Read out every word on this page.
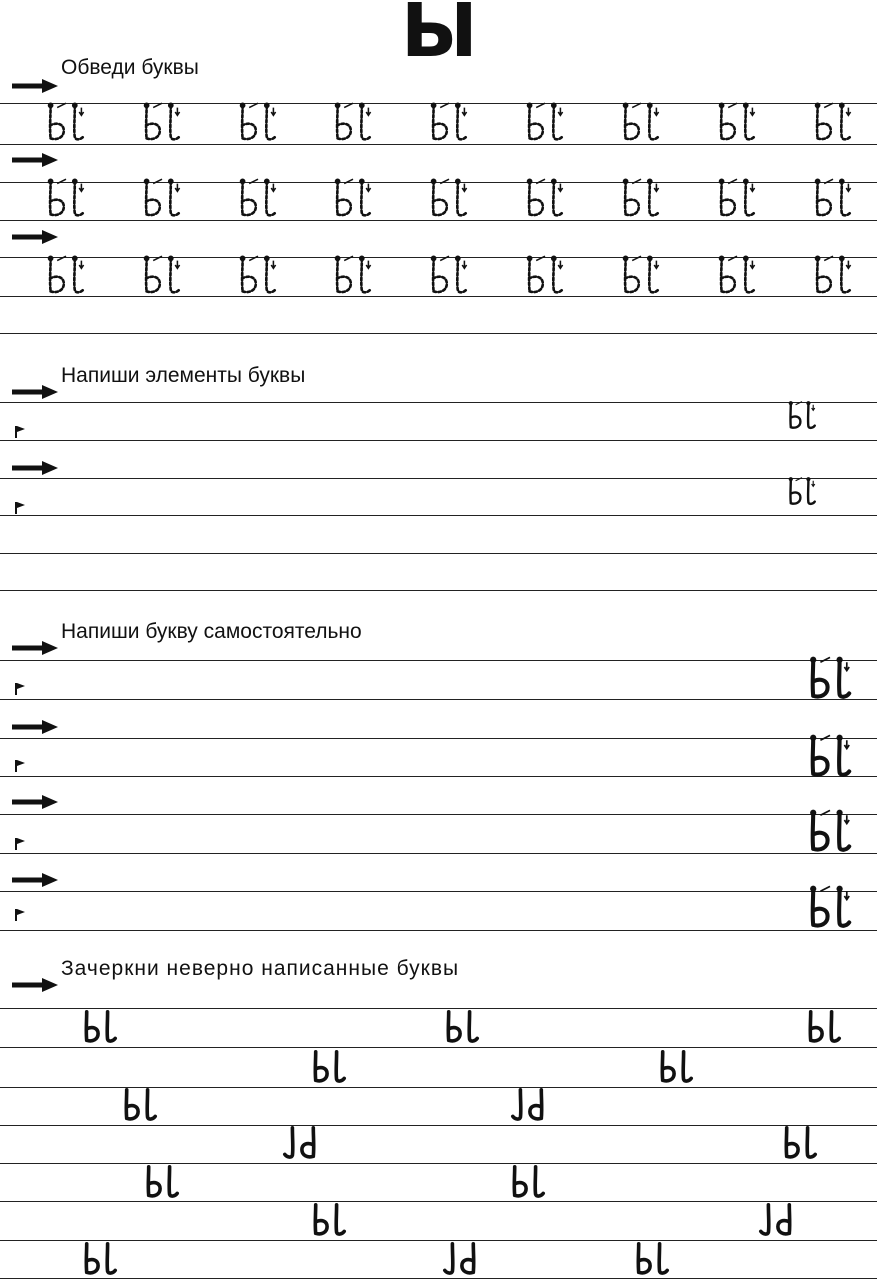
Ы
Обведи буквы
Напиши элементы буквы
Напиши букву самостоятельно
Зачеркни неверно написанные буквы
